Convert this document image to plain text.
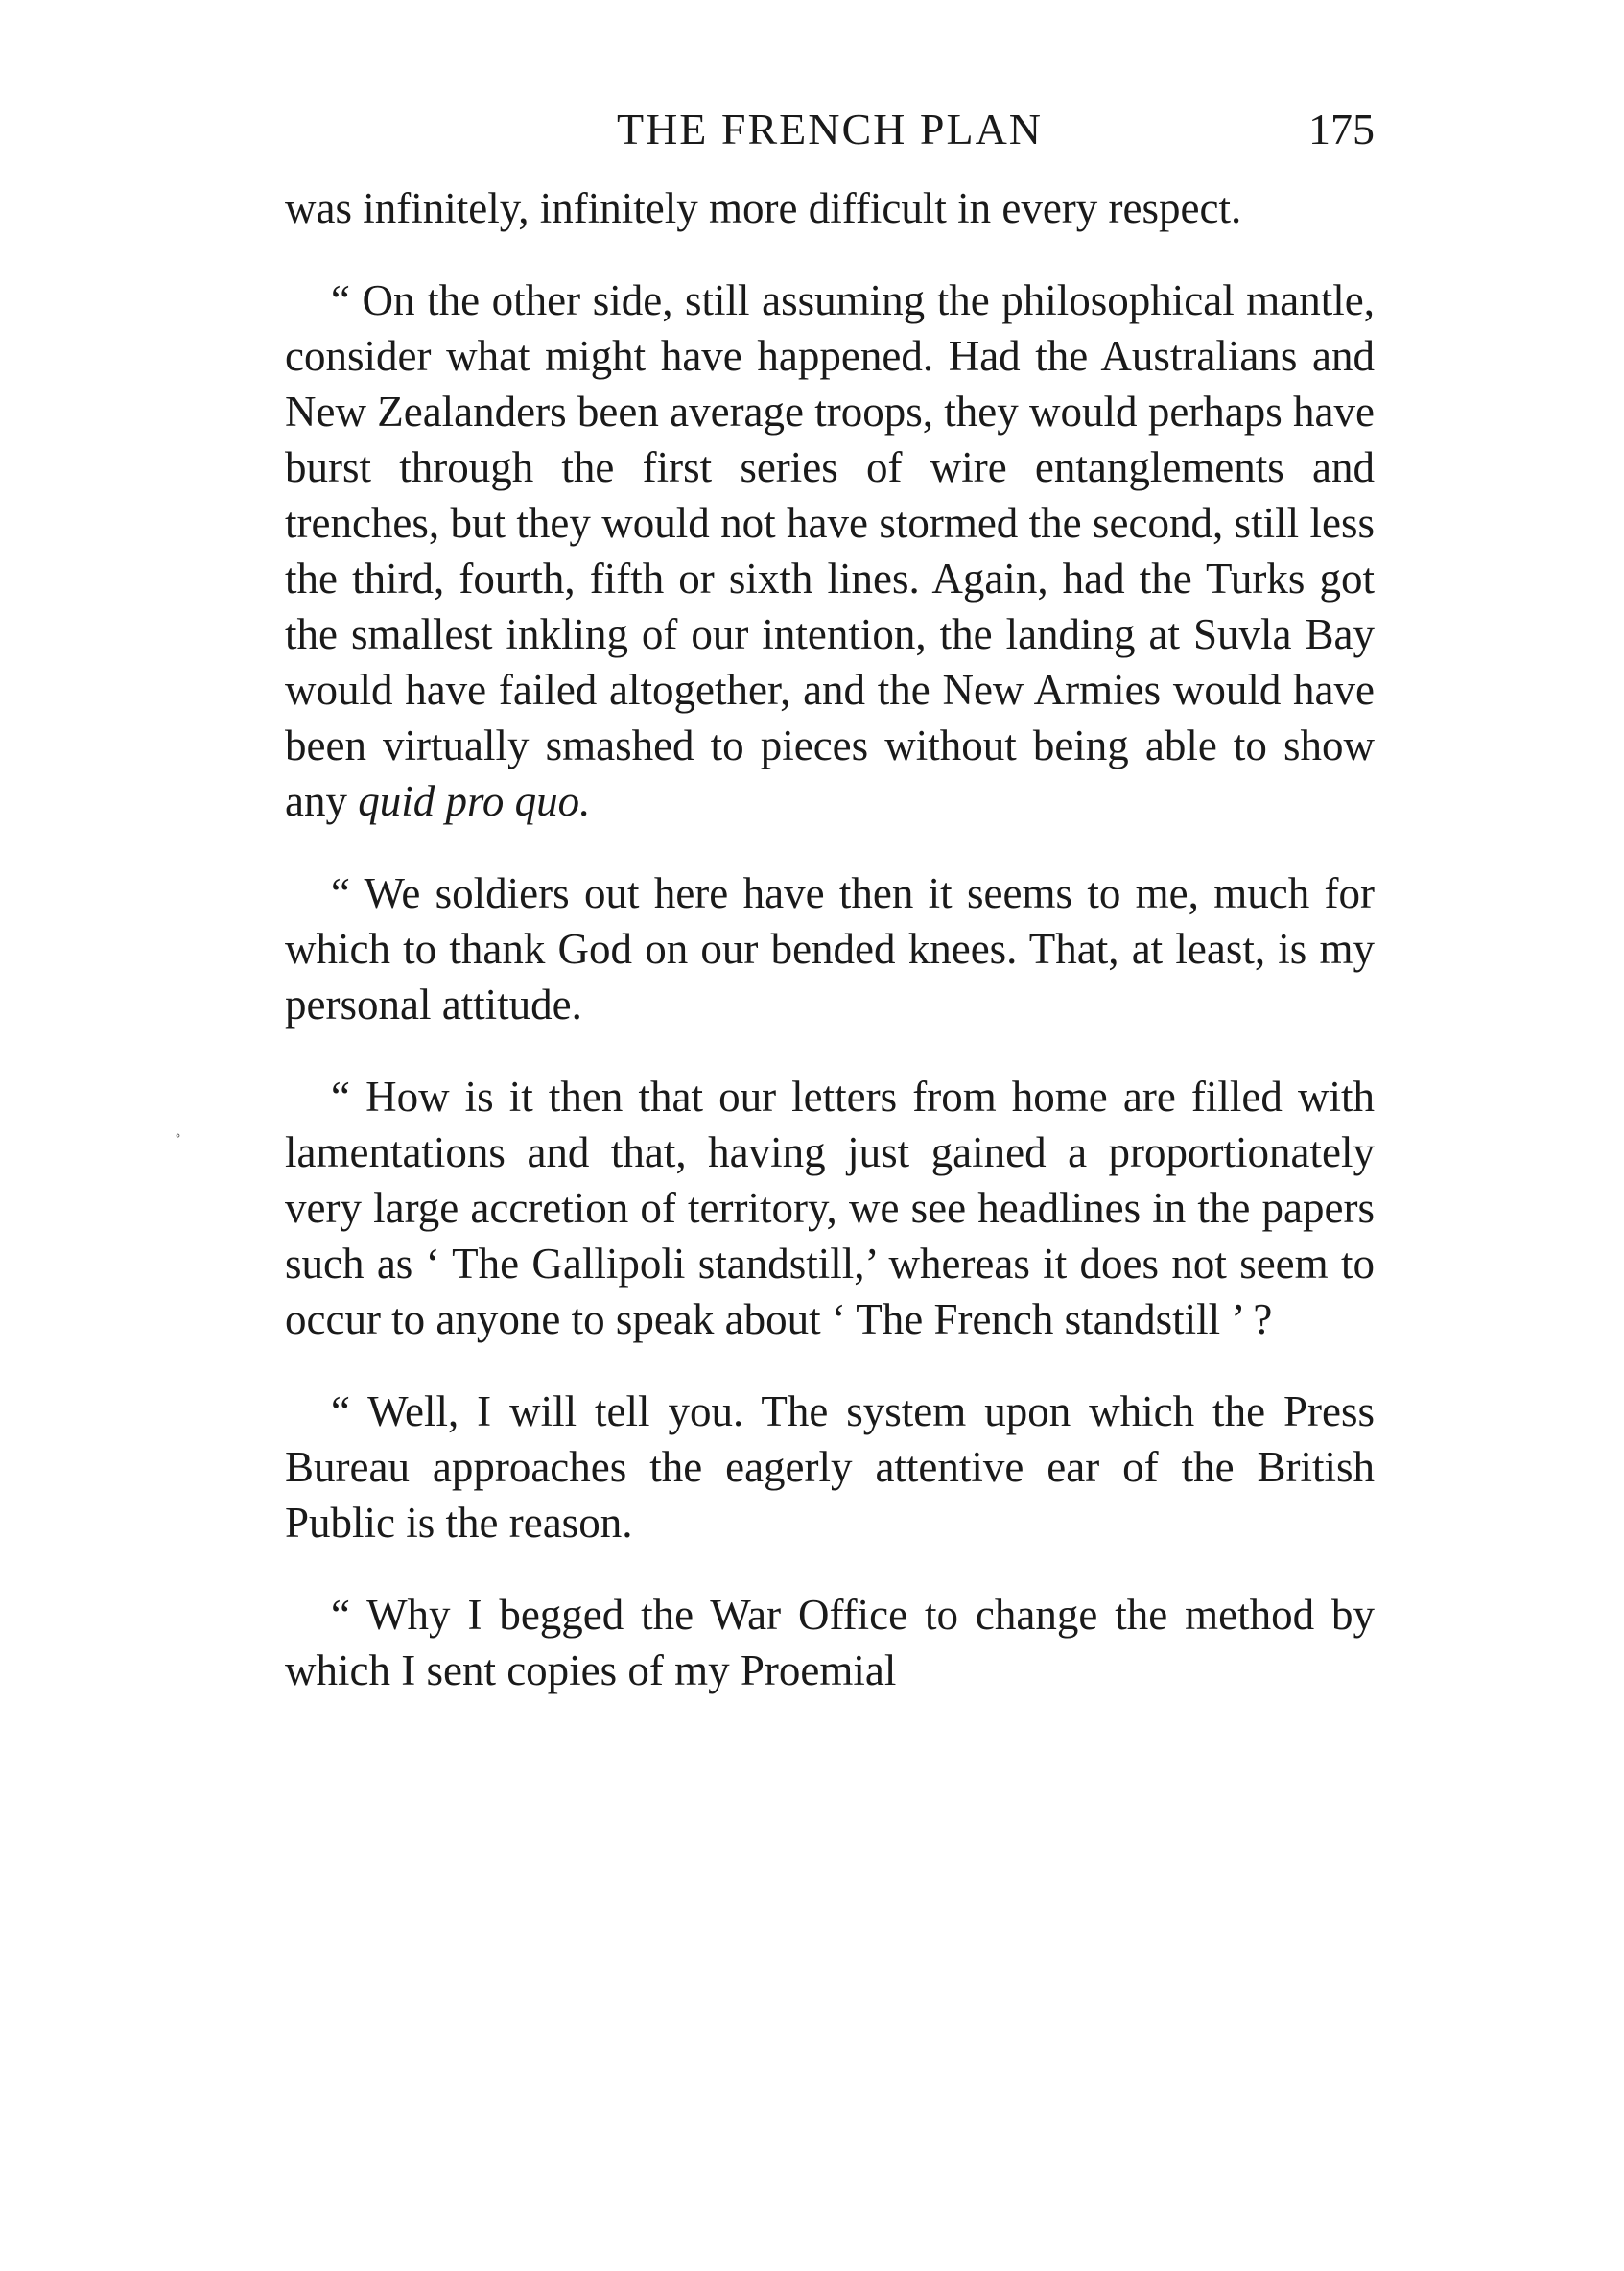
THE FRENCH PLAN	175

was infinitely, infinitely more difficult in every respect.

“ On the other side, still assuming the philosophical mantle, consider what might have happened. Had the Australians and New Zealanders been average troops, they would perhaps have burst through the first series of wire entanglements and trenches, but they would not have stormed the second, still less the third, fourth, fifth or sixth lines. Again, had the Turks got the smallest inkling of our intention, the landing at Suvla Bay would have failed altogether, and the New Armies would have been virtually smashed to pieces without being able to show any quid pro quo.

“ We soldiers out here have then it seems to me, much for which to thank God on our bended knees. That, at least, is my personal attitude.

“ How is it then that our letters from home are filled with lamentations and that, having just gained a proportionately very large accretion of territory, we see headlines in the papers such as ‘ The Gallipoli standstill,’ whereas it does not seem to occur to anyone to speak about ‘ The French standstill ’ ?

“ Well, I will tell you. The system upon which the Press Bureau approaches the eagerly attentive ear of the British Public is the reason.

“ Why I begged the War Office to change the method by which I sent copies of my Proemial

˳
